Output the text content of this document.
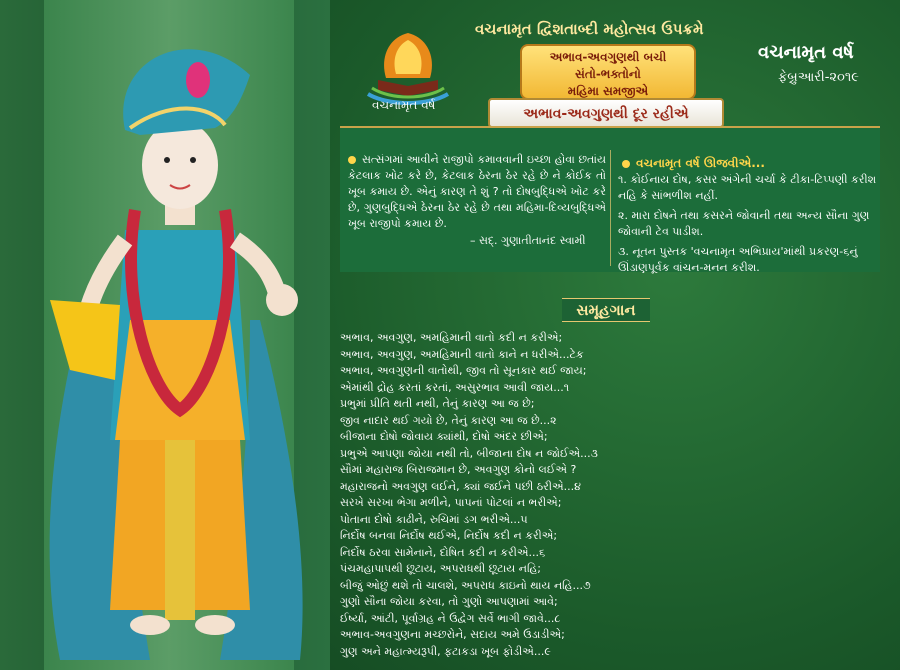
વચનામૃત દ્વિશતાબ્દી મહોત્સવ ઉપક્રમે
વચનામૃત વર્ષ
અભાવ-અવગુણથી બચી
સંતો-ભક્તોનો
મહિમા સમજીએ
અભાવ-અવગુણથી દૂર રહીએ
વચનામૃત વર્ષ
ફેબ્રુઆરી-૨૦૧૯
સત્સંગમાં આવીને રાજીપો કમાવવાની ઇચ્છા હોવા છતાંય કેટલાક ખોટ કરે છે, કેટલાક ઠેરના ઠેર રહે છે ને કોઈક તો ખૂબ કમાય છે. એનું કારણ તે શું ? તો દોષબુદ્ધિએ ખોટ કરે છે, ગુણબુદ્ધિએ ઠેરના ઠેર રહે છે તથા મહિમા-દિવ્યબુદ્ધિએ ખૂબ રાજીપો કમાય છે.
– સદ્. ગુણાતીતાનંદ સ્વામી
વચનામૃત વર્ષ ઊજવીએ...
૧. કોઈનાય દોષ, કસર અંગેની ચર્ચા કે ટીકા-ટિપ્પણી કરીશ નહિ કે સાંભળીશ નહીં.
૨. મારા દોષને તથા કસરને જોવાની તથા અન્ય સૌના ગુણ જોવાની ટેવ પાડીશ.
૩. નૂતન પુસ્તક 'વચનામૃત અભિપ્રાય'માંથી પ્રકરણ-૬નું ઊંડાણપૂર્વક વાંચન-મનન કરીશ.
સમૂહગાન
અભાવ, અવગુણ, અમહિમાની વાતો કદી ન કરીએ;
અભાવ, અવગુણ, અમહિમાની વાતો કાને ન ધરીએ...ટેક
અભાવ, અવગુણની વાતોથી, જીવ તો સૂનકાર થઈ જાય;
એમાંથી દ્રોહ કરતાં કરતાં, અસુરભાવ આવી જાય...૧
પ્રભુમાં પ્રીતિ થતી નથી, તેનું કારણ આ જ છે;
જીવ નાદાર થઈ ગયો છે, તેનું કારણ આ જ છે...૨
બીજાના દોષો જોવાય ક્યાંથી, દોષો અંદર છીએ;
પ્રભુએ આપણા જોયા નથી તો, બીજાના દોષ ન જોઈએ...૩
સૌમાં મહારાજ બિરાજમાન છે, અવગુણ કોનો લઈએ ?
મહારાજનો અવગુણ લઈને, ક્યાં જઈને પછી ઠરીએ...૪
સરખે સરખા ભેગા મળીને, પાપનાં પોટલાં ન ભરીએ;
પોતાના દોષો કાઢીને, રુચિમાં ડગ ભરીએ...૫
નિર્દોષ બનવા નિર્દોષ થઈએ, નિર્દોષ કદી ન કરીએ;
નિર્દોષ ઠરવા સામેનાને, દોષિત કદી ન કરીએ...૬
પંચમહાપાપથી છૂટાય, અપરાધથી છૂટાય નહિ;
બીજું ઓછું થશે તો ચાલશે, અપરાધ કાઇનો થાય નહિ...૭
ગુણો સૌના જોયા કરવા, તો ગુણો આપણામાં આવે;
ઈર્ષ્યા, આંટી, પૂર્વાગ્રહ ને ઉદ્વેગ સર્વે ભાગી જાવે...૮
અભાવ-અવગુણના મચ્છરોને, સદાય અમે ઉડાડીએ;
ગુણ અને મહાત્મ્યરૂપી, ફટાકડા ખૂબ ફોડીએ...૯
